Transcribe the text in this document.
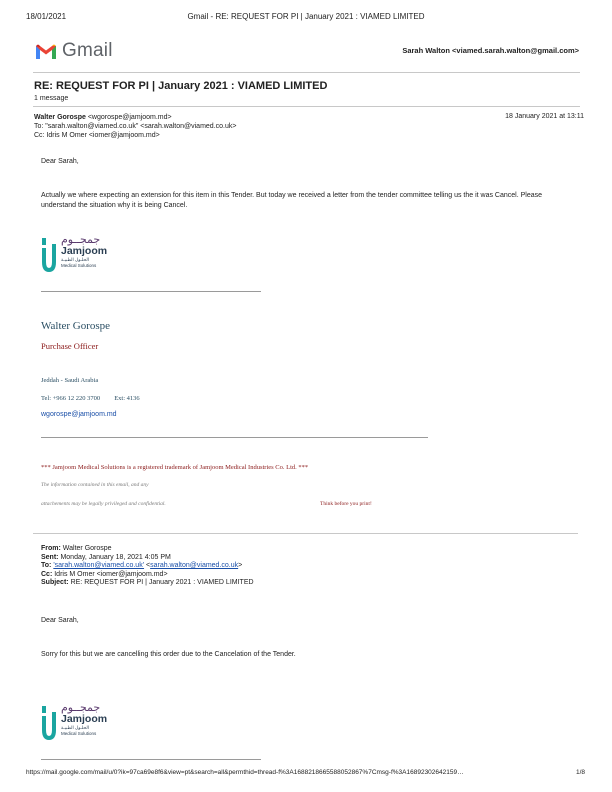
18/01/2021	Gmail - RE: REQUEST FOR PI | January 2021 : VIAMED LIMITED
Gmail	Sarah Walton <viamed.sarah.walton@gmail.com>
RE: REQUEST FOR PI | January 2021 : VIAMED LIMITED
1 message
Walter Gorospe <wgorospe@jamjoom.md>	18 January 2021 at 13:11
To: "sarah.walton@viamed.co.uk" <sarah.walton@viamed.co.uk>
Cc: Idris M Omer <iomer@jamjoom.md>
Dear Sarah,
Actually we where expecting an extension for this item in this Tender. But today we received a letter from the tender committee telling us the it was Cancel. Please understand the situation why it is being Cancel.
جمجــوم
Jamjoom
الحلـول الطبيـة
Medical Solutions
Walter Gorospe
Purchase Officer
Jeddah - Saudi Arabia
Tel: +966 12 220 3700 Ext: 4136
wgorospe@jamjoom.md
*** Jamjoom Medical Solutions is a registered trademark of Jamjoom Medical Industries Co. Ltd. ***
The information contained in this email, and any
attachements may be legally privileged and confidential.	Think before you print!
From: Walter Gorospe
Sent: Monday, January 18, 2021 4:05 PM
To: 'sarah.walton@viamed.co.uk' <sarah.walton@viamed.co.uk>
Cc: Idris M Omer <iomer@jamjoom.md>
Subject: RE: REQUEST FOR PI | January 2021 : VIAMED LIMITED
Dear Sarah,
Sorry for this but we are cancelling this order due to the Cancelation of the Tender.
جمجــوم
Jamjoom
الحلـول الطبيـة
Medical Solutions
https://mail.google.com/mail/u/0?ik=97ca69e8f6&view=pt&search=all&permthid=thread-f%3A1688218665588052867%7Cmsg-f%3A168923026421​59…	1/8
